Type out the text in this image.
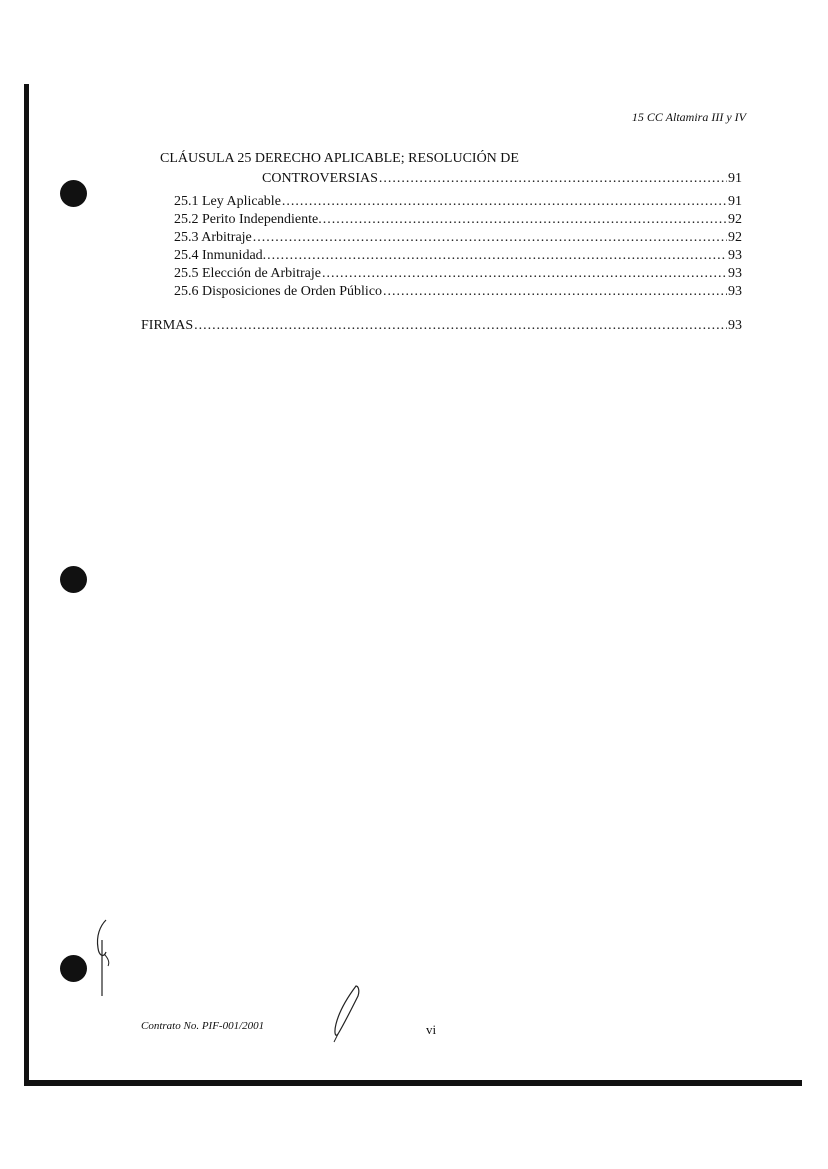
15 CC Altamira III y IV
CLÁUSULA 25 DERECHO APLICABLE; RESOLUCIÓN DE
CONTROVERSIAS .....	91
25.1 Ley Aplicable .....	91
25.2 Perito Independiente. .....	92
25.3 Arbitraje .....	92
25.4 Inmunidad. .....	93
25.5 Elección de Arbitraje .....	93
25.6 Disposiciones de Orden Público .....	93
FIRMAS .....	93
Contrato No. PIF-001/2001	vi
